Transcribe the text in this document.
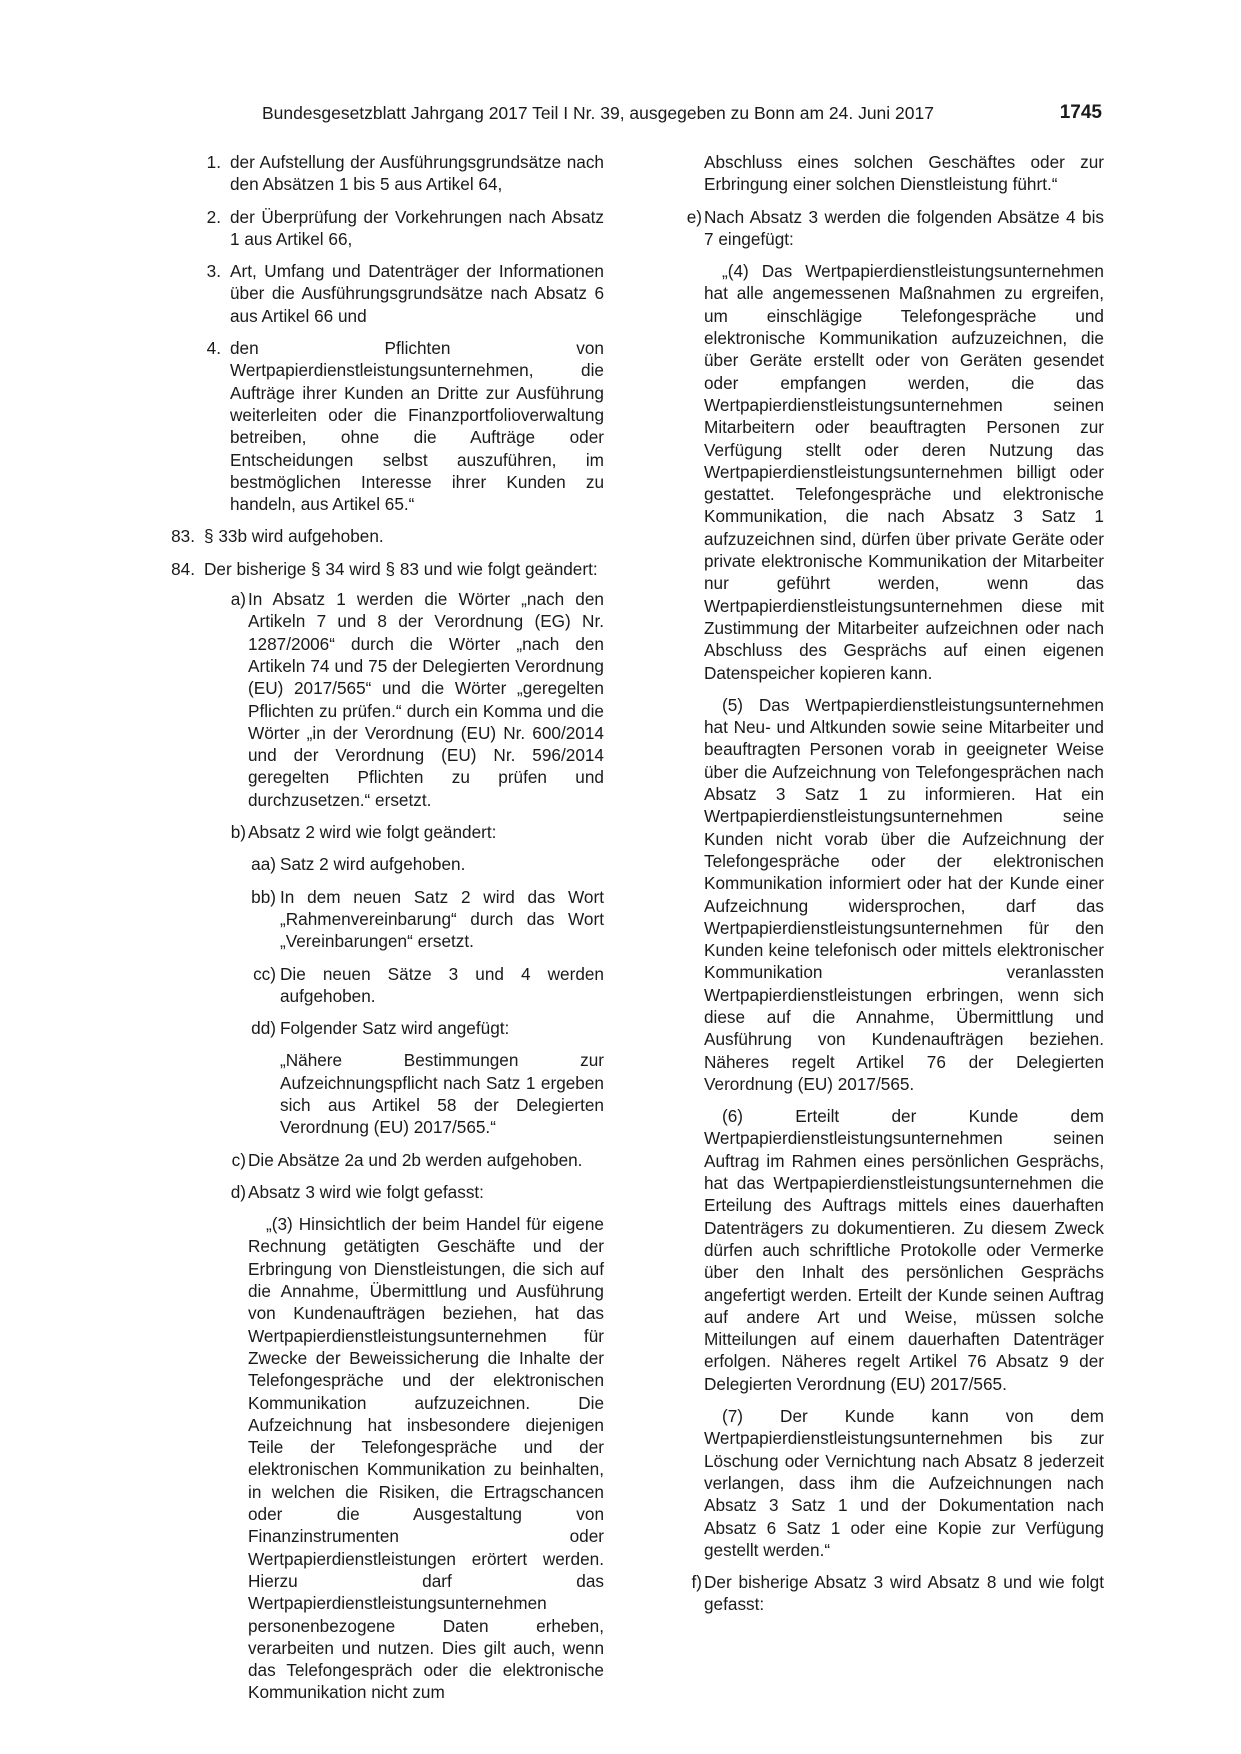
Bundesgesetzblatt Jahrgang 2017 Teil I Nr. 39, ausgegeben zu Bonn am 24. Juni 2017	1745
1. der Aufstellung der Ausführungsgrundsätze nach den Absätzen 1 bis 5 aus Artikel 64,
2. der Überprüfung der Vorkehrungen nach Absatz 1 aus Artikel 66,
3. Art, Umfang und Datenträger der Informationen über die Ausführungsgrundsätze nach Absatz 6 aus Artikel 66 und
4. den Pflichten von Wertpapierdienstleistungsunternehmen, die Aufträge ihrer Kunden an Dritte zur Ausführung weiterleiten oder die Finanzportfolioverwaltung betreiben, ohne die Aufträge oder Entscheidungen selbst auszuführen, im bestmöglichen Interesse ihrer Kunden zu handeln, aus Artikel 65.“
83. § 33b wird aufgehoben.
84. Der bisherige § 34 wird § 83 und wie folgt geändert:
a) In Absatz 1 werden die Wörter „nach den Artikeln 7 und 8 der Verordnung (EG) Nr. 1287/2006“ durch die Wörter „nach den Artikeln 74 und 75 der Delegierten Verordnung (EU) 2017/565“ und die Wörter „geregelten Pflichten zu prüfen.“ durch ein Komma und die Wörter „in der Verordnung (EU) Nr. 600/2014 und der Verordnung (EU) Nr. 596/2014 geregelten Pflichten zu prüfen und durchzusetzen.“ ersetzt.
b) Absatz 2 wird wie folgt geändert:
aa) Satz 2 wird aufgehoben.
bb) In dem neuen Satz 2 wird das Wort „Rahmenvereinbarung“ durch das Wort „Vereinbarungen“ ersetzt.
cc) Die neuen Sätze 3 und 4 werden aufgehoben.
dd) Folgender Satz wird angefügt:
„Nähere Bestimmungen zur Aufzeichnungspflicht nach Satz 1 ergeben sich aus Artikel 58 der Delegierten Verordnung (EU) 2017/565.“
c) Die Absätze 2a und 2b werden aufgehoben.
d) Absatz 3 wird wie folgt gefasst:
„(3) Hinsichtlich der beim Handel für eigene Rechnung getätigten Geschäfte und der Erbringung von Dienstleistungen, die sich auf die Annahme, Übermittlung und Ausführung von Kundenaufträgen beziehen, hat das Wertpapierdienstleistungsunternehmen für Zwecke der Beweissicherung die Inhalte der Telefongespräche und der elektronischen Kommunikation aufzuzeichnen. Die Aufzeichnung hat insbesondere diejenigen Teile der Telefongespräche und der elektronischen Kommunikation zu beinhalten, in welchen die Risiken, die Ertragschancen oder die Ausgestaltung von Finanzinstrumenten oder Wertpapierdienstleistungen erörtert werden. Hierzu darf das Wertpapierdienstleistungsunternehmen personenbezogene Daten erheben, verarbeiten und nutzen. Dies gilt auch, wenn das Telefongespräch oder die elektronische Kommunikation nicht zum
Abschluss eines solchen Geschäftes oder zur Erbringung einer solchen Dienstleistung führt.“
e) Nach Absatz 3 werden die folgenden Absätze 4 bis 7 eingefügt:
„(4) Das Wertpapierdienstleistungsunternehmen hat alle angemessenen Maßnahmen zu ergreifen, um einschlägige Telefongespräche und elektronische Kommunikation aufzuzeichnen, die über Geräte erstellt oder von Geräten gesendet oder empfangen werden, die das Wertpapierdienstleistungsunternehmen seinen Mitarbeitern oder beauftragten Personen zur Verfügung stellt oder deren Nutzung das Wertpapierdienstleistungsunternehmen billigt oder gestattet. Telefongespräche und elektronische Kommunikation, die nach Absatz 3 Satz 1 aufzuzeichnen sind, dürfen über private Geräte oder private elektronische Kommunikation der Mitarbeiter nur geführt werden, wenn das Wertpapierdienstleistungsunternehmen diese mit Zustimmung der Mitarbeiter aufzeichnen oder nach Abschluss des Gesprächs auf einen eigenen Datenspeicher kopieren kann.
(5) Das Wertpapierdienstleistungsunternehmen hat Neu- und Altkunden sowie seine Mitarbeiter und beauftragten Personen vorab in geeigneter Weise über die Aufzeichnung von Telefongesprächen nach Absatz 3 Satz 1 zu informieren. Hat ein Wertpapierdienstleistungsunternehmen seine Kunden nicht vorab über die Aufzeichnung der Telefongespräche oder der elektronischen Kommunikation informiert oder hat der Kunde einer Aufzeichnung widersprochen, darf das Wertpapierdienstleistungsunternehmen für den Kunden keine telefonisch oder mittels elektronischer Kommunikation veranlassten Wertpapierdienstleistungen erbringen, wenn sich diese auf die Annahme, Übermittlung und Ausführung von Kundenaufträgen beziehen. Näheres regelt Artikel 76 der Delegierten Verordnung (EU) 2017/565.
(6) Erteilt der Kunde dem Wertpapierdienstleistungsunternehmen seinen Auftrag im Rahmen eines persönlichen Gesprächs, hat das Wertpapierdienstleistungsunternehmen die Erteilung des Auftrags mittels eines dauerhaften Datenträgers zu dokumentieren. Zu diesem Zweck dürfen auch schriftliche Protokolle oder Vermerke über den Inhalt des persönlichen Gesprächs angefertigt werden. Erteilt der Kunde seinen Auftrag auf andere Art und Weise, müssen solche Mitteilungen auf einem dauerhaften Datenträger erfolgen. Näheres regelt Artikel 76 Absatz 9 der Delegierten Verordnung (EU) 2017/565.
(7) Der Kunde kann von dem Wertpapierdienstleistungsunternehmen bis zur Löschung oder Vernichtung nach Absatz 8 jederzeit verlangen, dass ihm die Aufzeichnungen nach Absatz 3 Satz 1 und der Dokumentation nach Absatz 6 Satz 1 oder eine Kopie zur Verfügung gestellt werden.“
f) Der bisherige Absatz 3 wird Absatz 8 und wie folgt gefasst:
